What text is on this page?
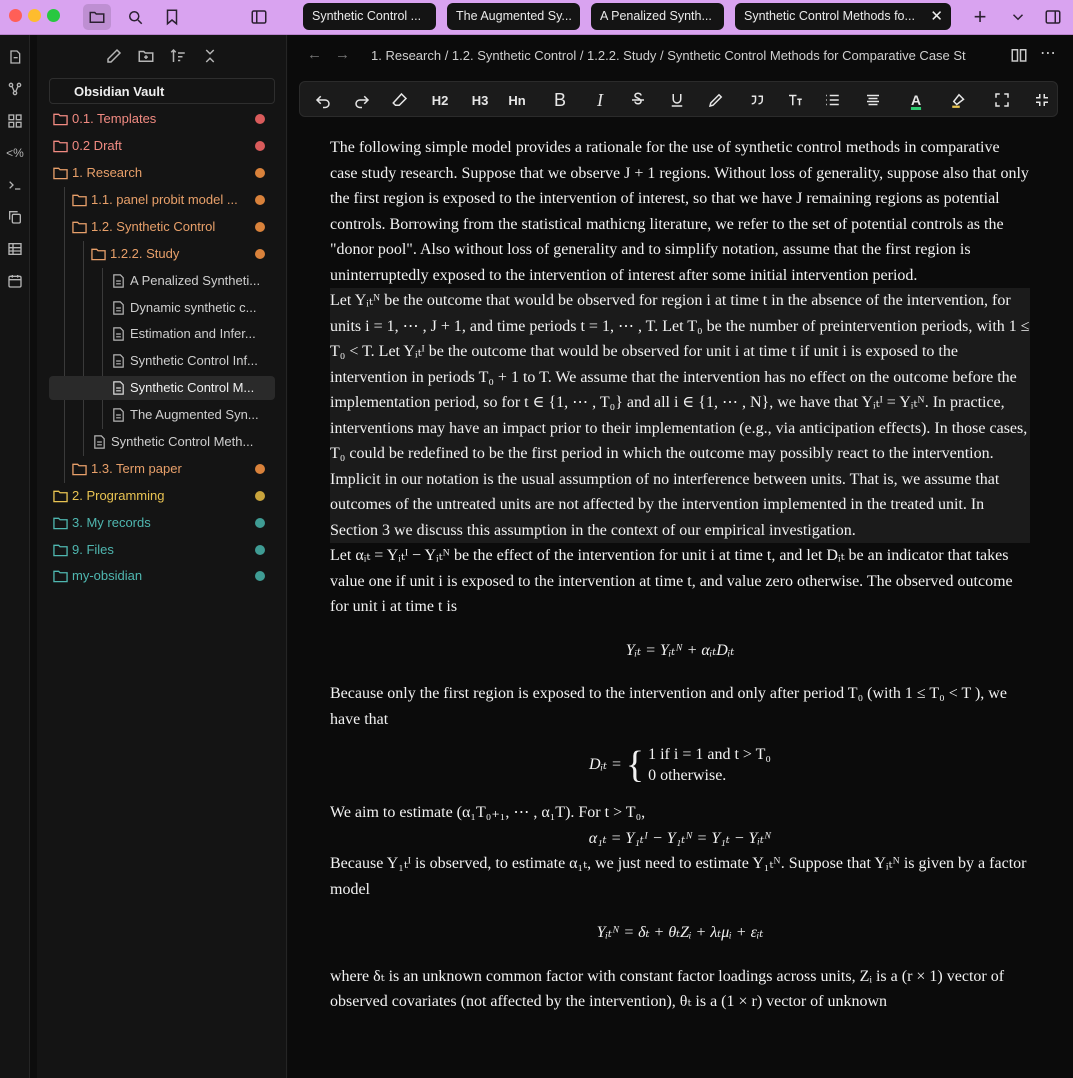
Synthetic Control ...	The Augmented Sy...	A Penalized Synth...	Synthetic Control Methods fo... ✕	+
<%
Obsidian Vault
0.1. Templates
0.2 Draft
1. Research
1.1. panel probit model ...
1.2. Synthetic Control
1.2.2. Study
A Penalized Syntheti...
Dynamic synthetic c...
Estimation and Infer...
Synthetic Control Inf...
Synthetic Control M...
The Augmented Syn...
Synthetic Control Meth...
1.3. Term paper
2. Programming
3. My records
9. Files
my-obsidian
← → 1. Research / 1.2. Synthetic Control / 1.2.2. Study / Synthetic Control Methods for Comparative Case St	⋯
H2 H3 Hn B	I	A

The following simple model provides a rationale for the use of synthetic control methods in comparative case study research. Suppose that we observe J + 1 regions. Without loss of generality, suppose also that only the first region is exposed to the intervention of interest, so that we have J remaining regions as potential controls. Borrowing from the statistical mathicng literature, we refer to the set of potential controls as the "donor pool". Also without loss of generality and to simplify notation, assume that the first region is uninterruptedly exposed to the intervention of interest after some initial intervention period.

Let Yᵢₜᴺ be the outcome that would be observed for region i at time t in the absence of the intervention, for units i = 1, ⋯ , J + 1, and time periods t = 1, ⋯ , T. Let T₀ be the number of preintervention periods, with 1 ≤ T₀ < T. Let Yᵢₜᴵ be the outcome that would be observed for unit i at time t if unit i is exposed to the intervention in periods T₀ + 1 to T. We assume that the intervention has no effect on the outcome before the implementation period, so for t ∈ {1, ⋯ , T₀} and all i ∈ {1, ⋯ , N}, we have that Yᵢₜᴵ = Yᵢₜᴺ. In practice, interventions may have an impact prior to their implementation (e.g., via anticipation effects). In those cases, T₀ could be redefined to be the first period in which the outcome may possibly react to the intervention. Implicit in our notation is the usual assumption of no interference between units. That is, we assume that outcomes of the untreated units are not affected by the intervention implemented in the treated unit. In Section 3 we discuss this assumption in the context of our empirical investigation.

Let αᵢₜ = Yᵢₜᴵ − Yᵢₜᴺ be the effect of the intervention for unit i at time t, and let Dᵢₜ be an indicator that takes value one if unit i is exposed to the intervention at time t, and value zero otherwise. The observed outcome for unit i at time t is

Yᵢₜ = Yᵢₜᴺ + αᵢₜDᵢₜ

Because only the first region is exposed to the intervention and only after period T₀ (with 1 ≤ T₀ < T ), we have that

Dᵢₜ = { 1 if i = 1 and t > T₀
0 otherwise.

We aim to estimate (α₁T₀₊₁, ⋯ , α₁T). For t > T₀,

α₁ₜ = Y₁ₜᴵ − Y₁ₜᴺ = Y₁ₜ − Yᵢₜᴺ

Because Y₁ₜᴵ is observed, to estimate α₁ₜ, we just need to estimate Y₁ₜᴺ. Suppose that Yᵢₜᴺ is given by a factor model

Yᵢₜᴺ = δₜ + θₜZᵢ + λₜμᵢ + εᵢₜ

where δₜ is an unknown common factor with constant factor loadings across units, Zᵢ is a (r × 1) vector of observed covariates (not affected by the intervention), θₜ is a (1 × r) vector of unknown
